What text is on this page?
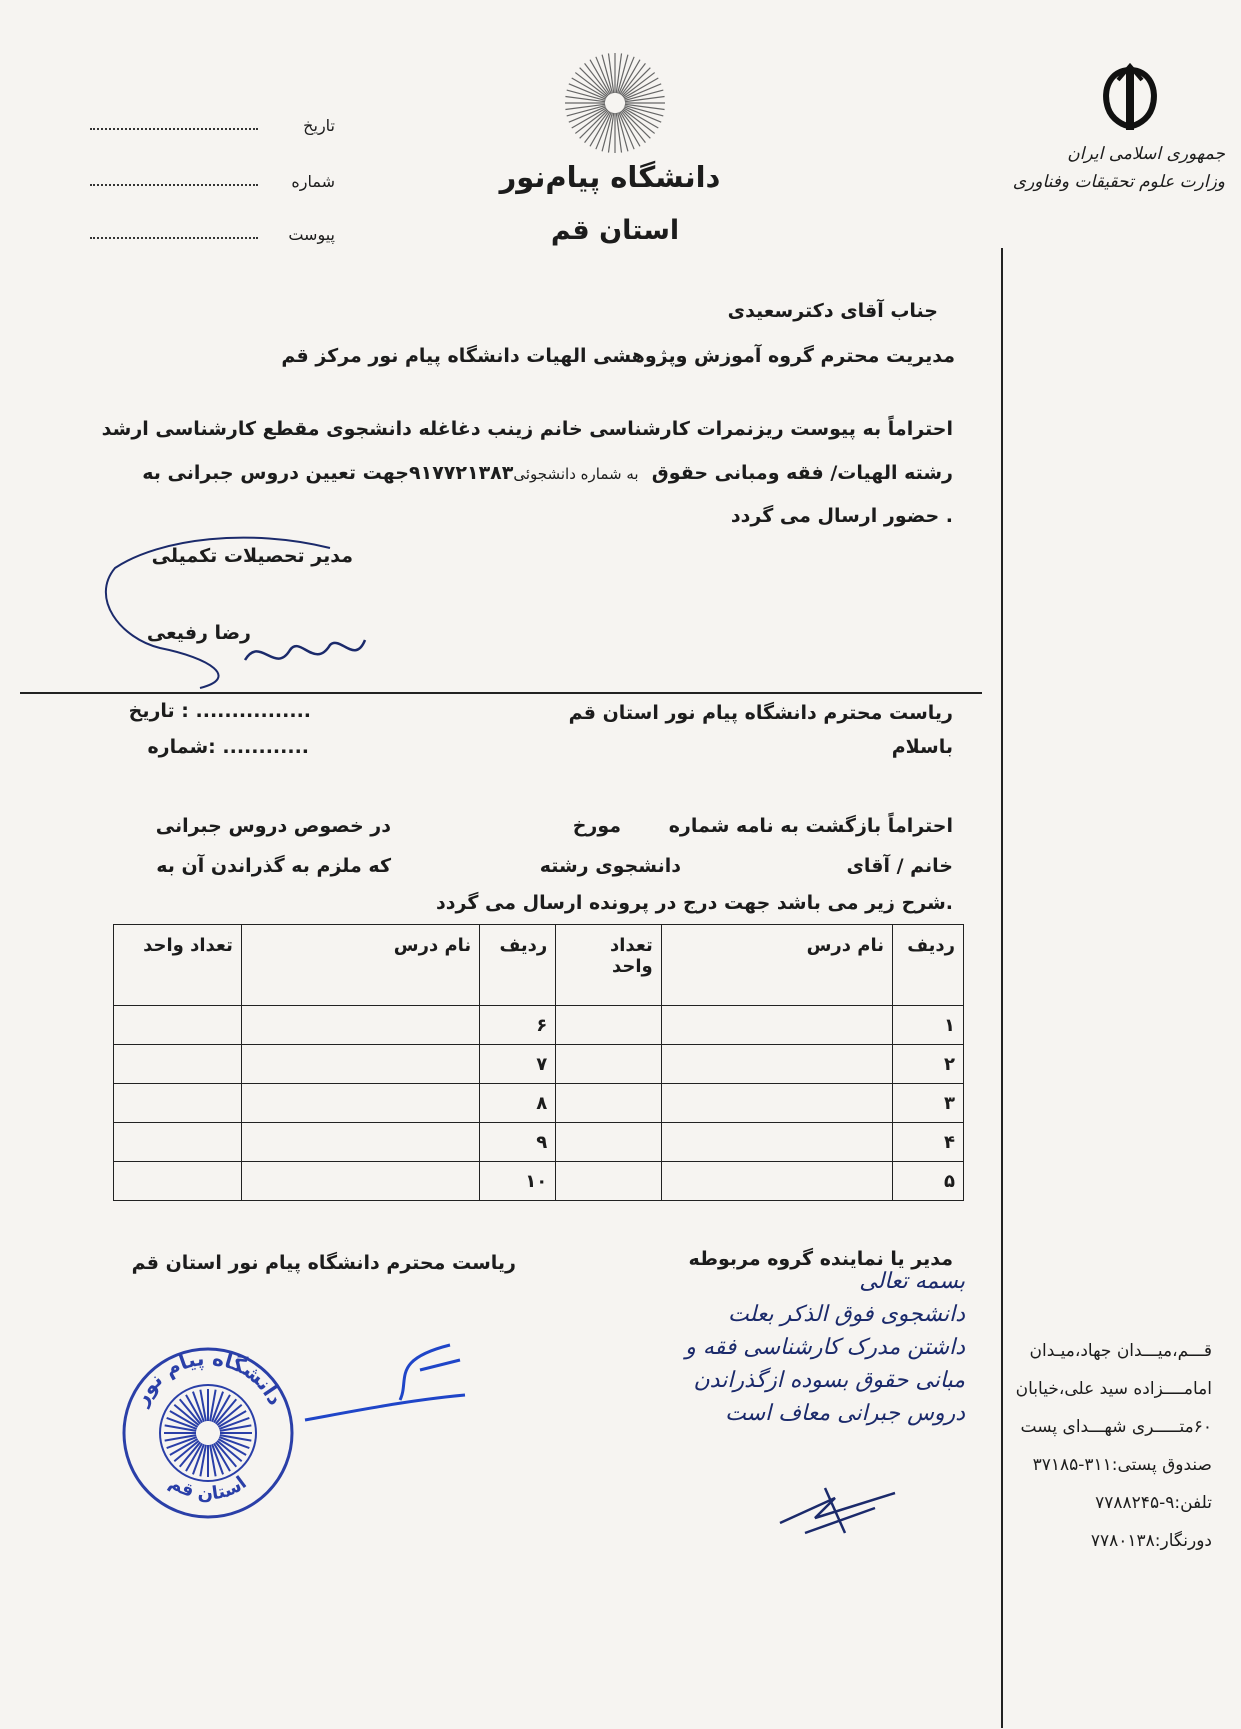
جمهوری اسلامی ایران
وزارت علوم تحقیقات وفناوری
دانشگاه پیام‌نور
استان قم
تاریخ
شماره
پیوست
جناب آقای دکترسعیدی
مدیریت محترم گروه آموزش وپژوهشی الهیات دانشگاه پیام نور مرکز قم
احتراماً به پیوست ریزنمرات کارشناسی خانم زینب دغاغله دانشجوی مقطع کارشناسی ارشد
رشته الهیات/ فقه ومبانی حقوق  به شماره دانشجوئی۹۱۷۷۲۱۳۸۳جهت تعیین دروس جبرانی به
حضور ارسال می گردد .
مدیر تحصیلات تکمیلی
رضا رفیعی
تاریخ : ................
شماره: ............
ریاست محترم دانشگاه پیام نور استان قم
باسلام
احتراماً بازگشت به نامه شماره
مورخ
در خصوص دروس جبرانی
خانم / آقای
دانشجوی رشته
که ملزم به گذراندن آن به
شرح زیر می باشد جهت درج در پرونده ارسال می گردد.
ردیف	نام درس	تعداد واحد	ردیف	نام درس	تعداد واحد
۱			۶		
۲			۷		
۳			۸		
۴			۹		
۵			۱۰		
مدیر یا نماینده گروه مربوطه
ریاست محترم دانشگاه پیام نور استان قم
بسمه تعالی
دانشجوی فوق الذکر بعلت
داشتن مدرک کارشناسی فقه و
مبانی حقوق بسوده ازگذراندن
دروس جبرانی معاف است
دانشگاه پیام نور
استان قم
قـــم،میـــدان جهاد،میـدان
امامــــزاده سید علی،خیابان
۶۰متـــــری شهـــدای پست
صندوق پستی:۳۱۱-۳۷۱۸۵
تلفن:۹-۷۷۸۸۲۴۵
دورنگار:۷۷۸۰۱۳۸
